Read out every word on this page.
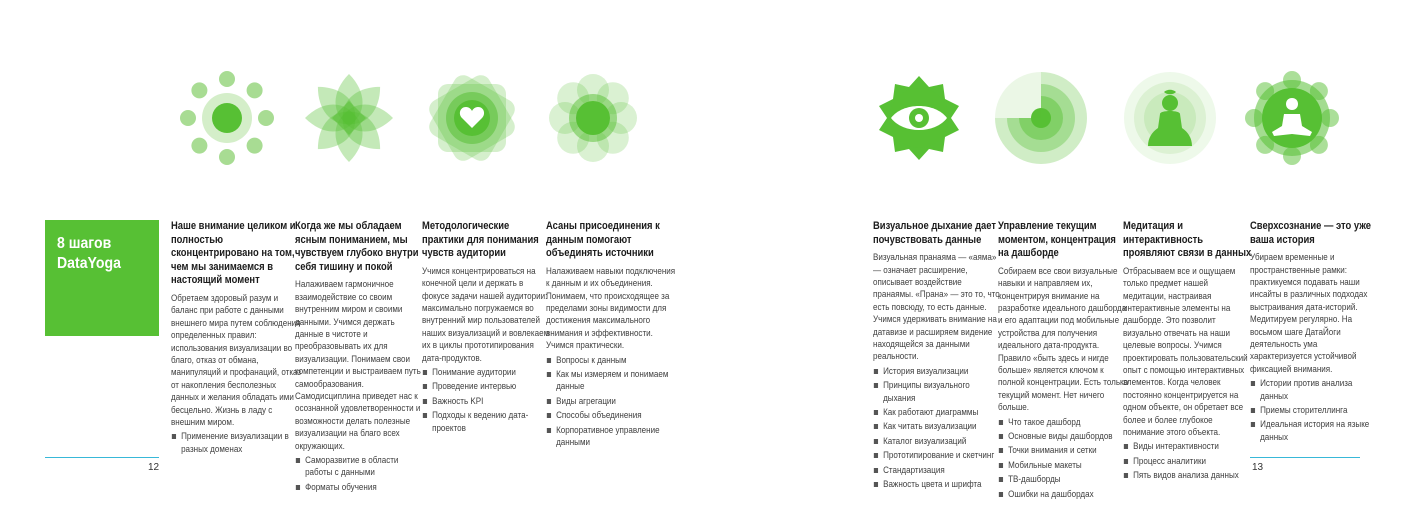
8 шагов
DataYoga

Наше внимание целиком и полностью сконцентрировано на том, чем мы занимаемся в настоящий момент

Обретаем здоровый разум и баланс при работе с данными внешнего мира путем соблюдения определенных правил: использования визуализации во благо, отказ от обмана, манипуляций и профанаций, отказ от накопления бесполезных данных и желания обладать ими бесцельно. Жизнь в ладу с внешним миром.

Применение визуализации в разных доменах

Когда же мы обладаем ясным пониманием, мы чувствуем глубоко внутри себя тишину и покой

Налаживаем гармоничное взаимодействие со своим внутренним миром и своими данными. Учимся держать данные в чистоте и преобразовывать их для визуализации. Понимаем свои компетенции и выстраиваем путь самообразования. Самодисциплина приведет нас к осознанной удовлетворенности и возможности делать полезные визуализации на благо всех окружающих.

Саморазвитие в области работы с данными
Форматы обучения

Методологические практики для понимания чувств аудитории

Учимся концентрироваться на конечной цели и держать в фокусе задачи нашей аудитории: максимально погружаемся во внутренний мир пользователей наших визуализаций и вовлекаем их в циклы прототипирования дата-продуктов.

Понимание аудитории
Проведение интервью
Важность KPI
Подходы к ведению дата-проектов

Асаны присоединения к данным помогают объединять источники

Налаживаем навыки подключения к данным и их объединения. Понимаем, что происходящее за пределами зоны видимости для достижения максимального внимания и эффективности. Учимся практически.

Вопросы к данным
Как мы измеряем и понимаем данные
Виды агрегации
Способы объединения
Корпоративное управление данными
12

Визуальное дыхание дает почувствовать данные

Визуальная пранаяма — «аяма» — означает расширение, описывает воздействие пранаямы. «Прана» — это то, что есть повсюду, то есть данные. Учимся удерживать внимание на датавизе и расширяем видение находящейся за данными реальности.

История визуализации
Принципы визуального дыхания
Как работают диаграммы
Как читать визуализации
Каталог визуализаций
Прототипирование и скетчинг
Стандартизация
Важность цвета и шрифта

Управление текущим моментом, концентрация на дашборде

Собираем все свои визуальные навыки и направляем их, концентрируя внимание на разработке идеального дашборда и его адаптации под мобильные устройства для получения идеального дата-продукта. Правило «быть здесь и нигде больше» является ключом к полной концентрации. Есть только текущий момент. Нет ничего больше.

Что такое дашборд
Основные виды дашбордов
Точки внимания и сетки
Мобильные макеты
ТВ-дашборды
Ошибки на дашбордах

Медитация и интерактивность проявляют связи в данных

Отбрасываем все и ощущаем только предмет нашей медитации, настраивая интерактивные элементы на дашборде. Это позволит визуально отвечать на наши целевые вопросы. Учимся проектировать пользовательский опыт с помощью интерактивных элементов. Когда человек постоянно концентрируется на одном объекте, он обретает все более и более глубокое понимание этого объекта.

Виды интерактивности
Процесс аналитики
Пять видов анализа данных

Сверхсознание — это уже ваша история

Убираем временные и пространственные рамки: практикуемся подавать наши инсайты в различных подходах выстраивания дата-историй. Медитируем регулярно. На восьмом шаге ДатаЙоги деятельность ума характеризуется устойчивой фиксацией внимания.

Истории против анализа данных
Приемы сторителлинга
Идеальная история на языке данных
13
